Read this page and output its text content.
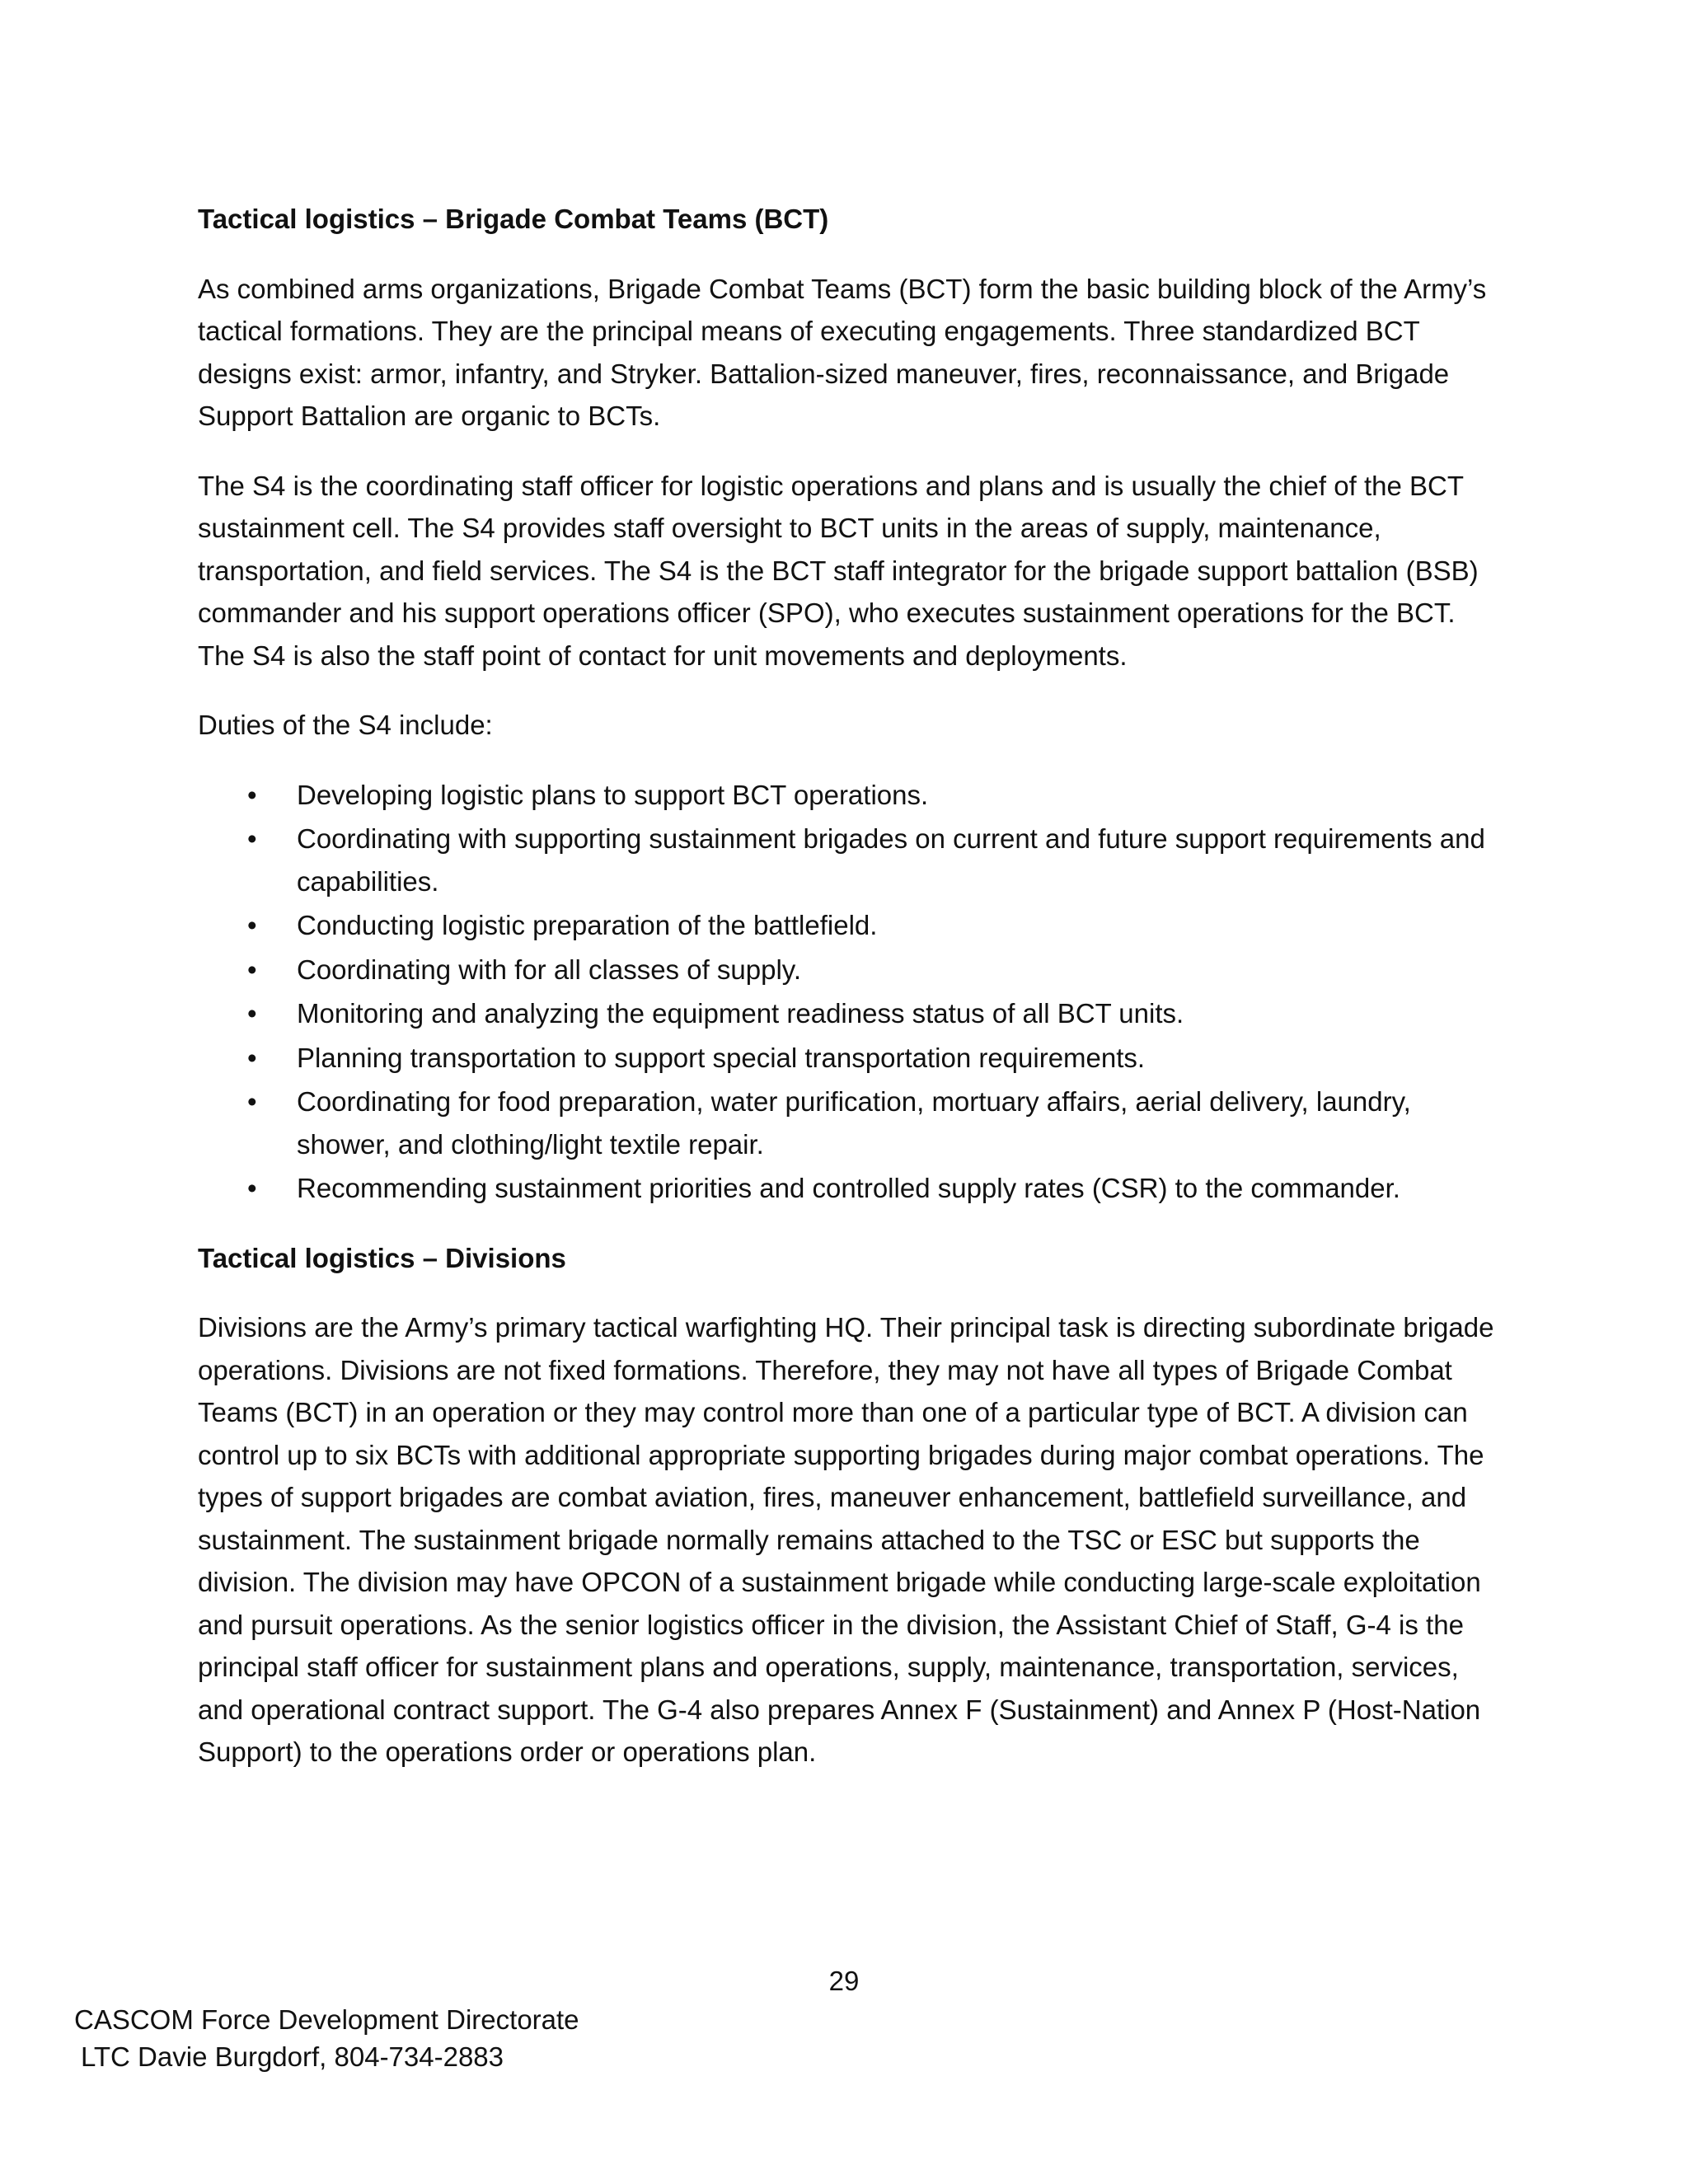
Tactical logistics – Brigade Combat Teams (BCT)

As combined arms organizations, Brigade Combat Teams (BCT) form the basic building block of the Army’s tactical formations. They are the principal means of executing engagements. Three standardized BCT designs exist: armor, infantry, and Stryker. Battalion-sized maneuver, fires, reconnaissance, and Brigade Support Battalion are organic to BCTs.

The S4 is the coordinating staff officer for logistic operations and plans and is usually the chief of the BCT sustainment cell. The S4 provides staff oversight to BCT units in the areas of supply, maintenance, transportation, and field services. The S4 is the BCT staff integrator for the brigade support battalion (BSB) commander and his support operations officer (SPO), who executes sustainment operations for the BCT. The S4 is also the staff point of contact for unit movements and deployments.

Duties of the S4 include:

•	Developing logistic plans to support BCT operations.
•	Coordinating with supporting sustainment brigades on current and future support requirements and capabilities.
•	Conducting logistic preparation of the battlefield.
•	Coordinating with for all classes of supply.
•	Monitoring and analyzing the equipment readiness status of all BCT units.
•	Planning transportation to support special transportation requirements.
•	Coordinating for food preparation, water purification, mortuary affairs, aerial delivery, laundry, shower, and clothing/light textile repair.
•	Recommending sustainment priorities and controlled supply rates (CSR) to the commander.
Tactical logistics – Divisions

Divisions are the Army’s primary tactical warfighting HQ. Their principal task is directing subordinate brigade operations. Divisions are not fixed formations. Therefore, they may not have all types of Brigade Combat Teams (BCT) in an operation or they may control more than one of a particular type of BCT. A division can control up to six BCTs with additional appropriate supporting brigades during major combat operations. The types of support brigades are combat aviation, fires, maneuver enhancement, battlefield surveillance, and sustainment. The sustainment brigade normally remains attached to the TSC or ESC but supports the division. The division may have OPCON of a sustainment brigade while conducting large-scale exploitation and pursuit operations. As the senior logistics officer in the division, the Assistant Chief of Staff, G-4 is the principal staff officer for sustainment plans and operations, supply, maintenance, transportation, services, and operational contract support. The G-4 also prepares Annex F (Sustainment) and Annex P (Host-Nation Support) to the operations order or operations plan.

29
CASCOM Force Development Directorate
LTC Davie Burgdorf, 804-734-2883
